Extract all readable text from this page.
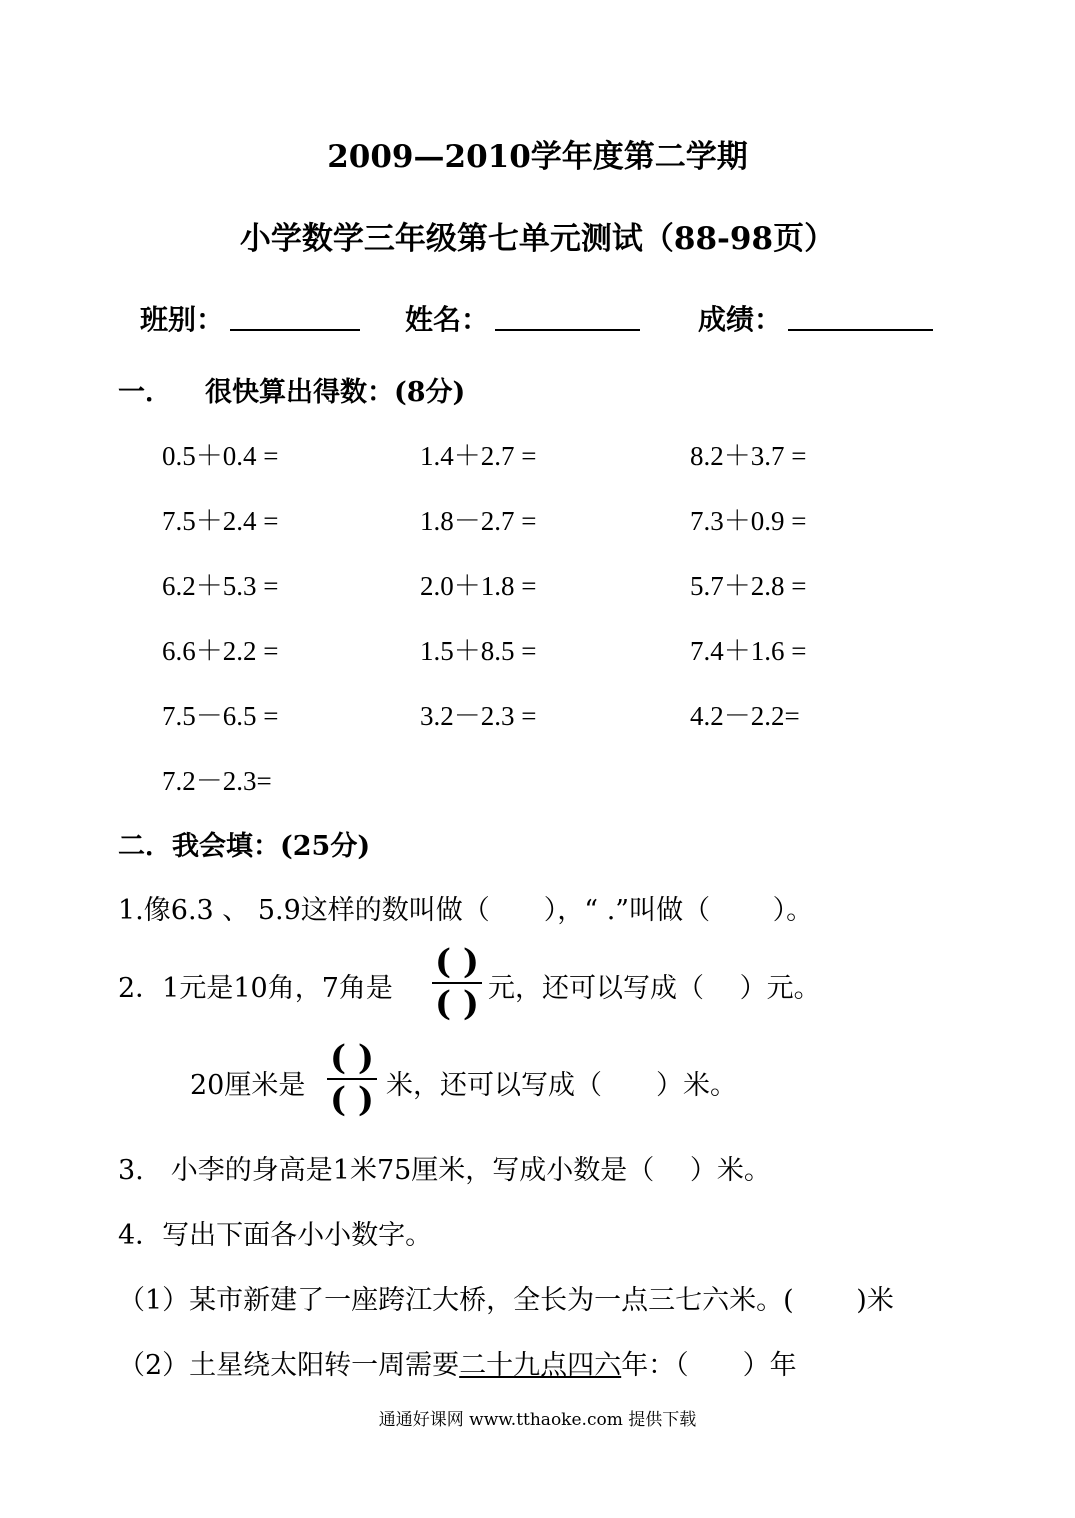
2009—2010学年度第二学期
小学数学三年级第七单元测试（88-98页）
班别：	姓名：	成绩：
一． 很快算出得数：(8分)
0.5＋0.4 =	1.4＋2.7 =	8.2＋3.7 =
7.5＋2.4 =	1.8－2.7 =	7.3＋0.9 =
6.2＋5.3 =	2.0＋1.8 =	5.7＋2.8 =
6.6＋2.2 =	1.5＋8.5 =	7.4＋1.6 =
7.5－6.5 =	3.2－2.3 =	4.2－2.2=
7.2－2.3=
二．我会填：(25分)
1.像6.3 、 5.9这样的数叫做（　　），“ .”叫做（　　 ）。
2．1元是10角，7角是
( )
( ) 元，还可以写成（　 ）元。
20厘米是
( )
( ) 米，还可以写成（　　）米。
3.　小李的身高是1米75厘米，写成小数是（　 ）米。
4．写出下面各小小数字。
（1）某市新建了一座跨江大桥，全长为一点三七六米。(　　 )米
（2）土星绕太阳转一周需要二十九点四六年：（　　）年
通通好课网 www.tthaoke.com 提供下载
